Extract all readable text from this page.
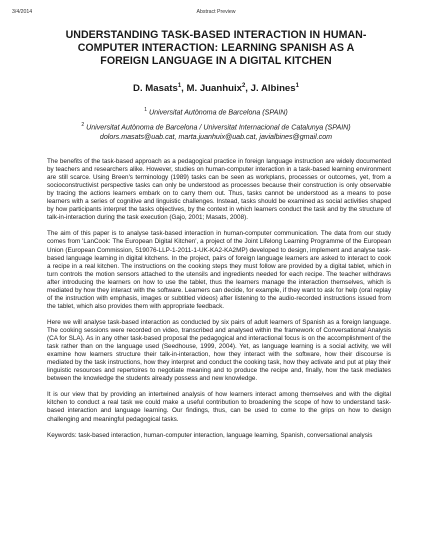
3/4/2014	Abstract Preview
UNDERSTANDING TASK-BASED INTERACTION IN HUMAN-
COMPUTER INTERACTION: LEARNING SPANISH AS A
FOREIGN LANGUAGE IN A DIGITAL KITCHEN
D. Masats$^1$, M. Juanhuix$^2$, J. Albines$^1$
$^1$ Universitat Autònoma de Barcelona (SPAIN)
$^2$ Universitat Autònoma de Barcelona / Universitat Internacional de Catalunya (SPAIN)
dolors.masats@uab.cat, marta.juanhuix@uab.cat, javialbines@gmail.com

The benefits of the task-based approach as a pedagogical practice in foreign language instruction are widely documented by teachers and researchers alike. However, studies on human-computer interaction in a task-based learning environment are still scarce. Using Breen's terminology (1989) tasks can be seen as workplans, processes or outcomes, yet, from a socioconstructivist perspective tasks can only be understood as processes because their construction is only observable by tracing the actions learners embark on to carry them out. Thus, tasks cannot be understood as a means to pose learners with a series of cognitive and linguistic challenges. Instead, tasks should be examined as social activities shaped by how participants interpret the tasks objectives, by the context in which learners conduct the task and by the structure of talk-in-interaction during the task execution (Gajo, 2001; Masats, 2008).

The aim of this paper is to analyse task-based interaction in human-computer communication. The data from our study comes from 'LanCook: The European Digital Kitchen', a project of the Joint Lifelong Learning Programme of the European Union (European Commission, 519076-LLP-1-2011-1-UK-KA2-KA2MP) developed to design, implement and analyse task-based language learning in digital kitchens. In the project, pairs of foreign language learners are asked to interact to cook a recipe in a real kitchen. The instructions on the cooking steps they must follow are provided by a digital tablet, which in turn controls the motion sensors attached to the utensils and ingredients needed for each recipe. The teacher withdraws after introducing the learners on how to use the tablet, thus the learners manage the interaction themselves, which is mediated by how they interact with the software. Learners can decide, for example, if they want to ask for help (oral replay of the instruction with emphasis, images or subtitled videos) after listening to the audio-recorded instructions issued from the tablet, which also provides them with appropriate feedback.

Here we will analyse task-based interaction as conducted by six pairs of adult learners of Spanish as a foreign language. The cooking sessions were recorded on video, transcribed and analysed within the framework of Conversational Analysis (CA for SLA). As in any other task-based proposal the pedagogical and interactional focus is on the accomplishment of the task rather than on the language used (Seedhouse, 1999, 2004). Yet, as language learning is a social activity, we will examine how learners structure their talk-in-interaction, how they interact with the software, how their discourse is mediated by the task instructions, how they interpret and conduct the cooking task, how they activate and put at play their linguistic resources and repertoires to negotiate meaning and to produce the recipe and, finally, how the task mediates between the knowledge the students already possess and new knowledge.

It is our view that by providing an intertwined analysis of how learners interact among themselves and with the digital kitchen to conduct a real task we could make a useful contribution to broadening the scope of how to understand task-based interaction and language learning. Our findings, thus, can be used to come to the grips on how to design challenging and meaningful pedagogical tasks.

Keywords: task-based interaction, human-computer interaction, language learning, Spanish, conversational analysis
